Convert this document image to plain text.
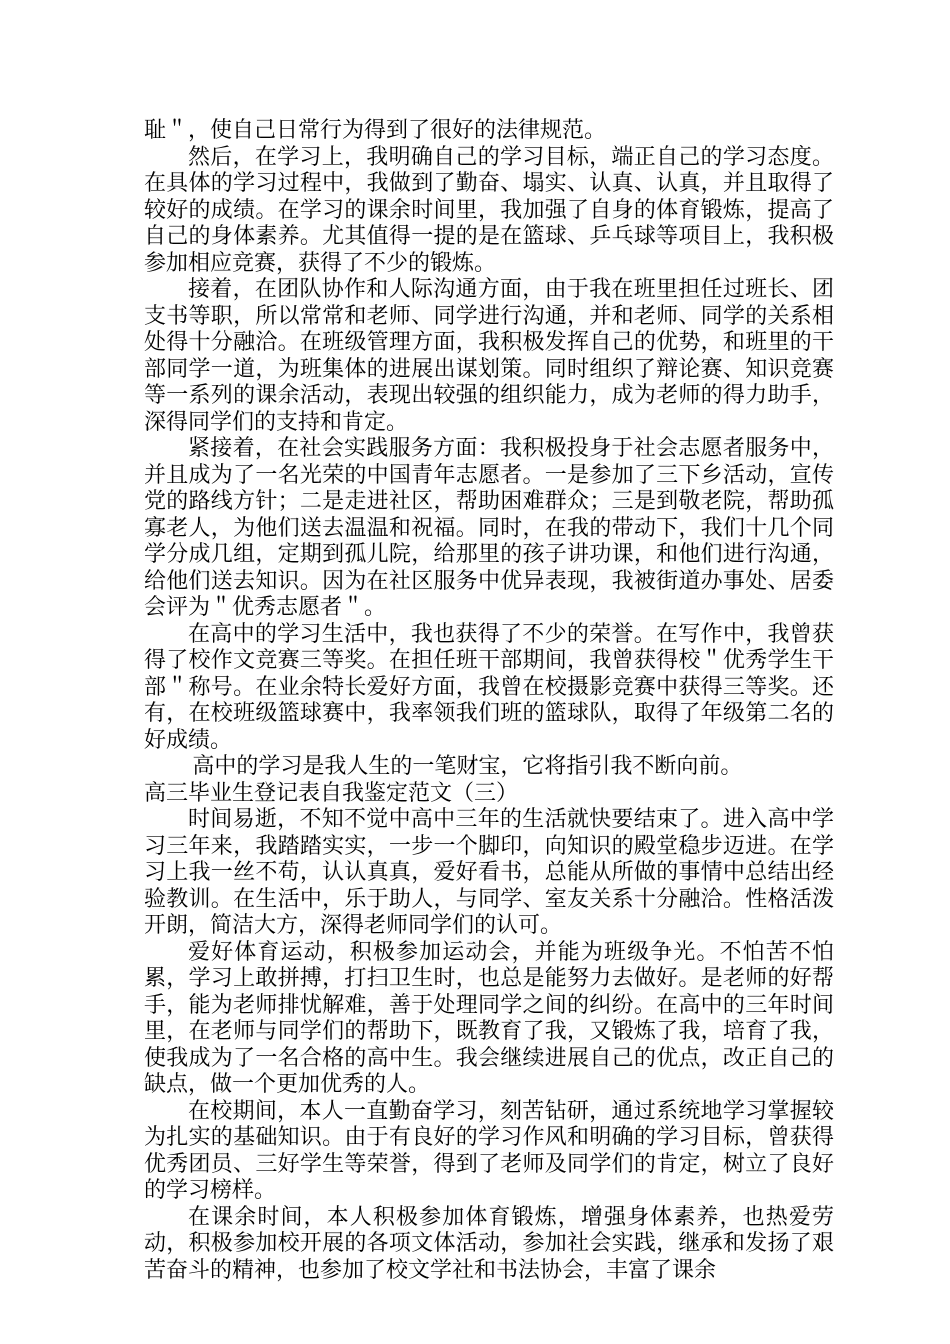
耻＂，使自己日常行为得到了很好的法律规范。

然后，在学习上，我明确自己的学习目标，端正自己的学习态度。在具体的学习过程中，我做到了勤奋、塌实、认真、认真，并且取得了较好的成绩。在学习的课余时间里，我加强了自身的体育锻炼，提高了自己的身体素养。尤其值得一提的是在篮球、乒乓球等项目上，我积极参加相应竞赛，获得了不少的锻炼。

接着，在团队协作和人际沟通方面，由于我在班里担任过班长、团支书等职，所以常常和老师、同学进行沟通，并和老师、同学的关系相处得十分融洽。在班级管理方面，我积极发挥自己的优势，和班里的干部同学一道，为班集体的进展出谋划策。同时组织了辩论赛、知识竞赛等一系列的课余活动，表现出较强的组织能力，成为老师的得力助手，深得同学们的支持和肯定。

紧接着，在社会实践服务方面：我积极投身于社会志愿者服务中，并且成为了一名光荣的中国青年志愿者。一是参加了三下乡活动，宣传党的路线方针；二是走进社区，帮助困难群众；三是到敬老院，帮助孤寡老人，为他们送去温温和祝福。同时，在我的带动下，我们十几个同学分成几组，定期到孤儿院，给那里的孩子讲功课，和他们进行沟通，给他们送去知识。因为在社区服务中优异表现，我被街道办事处、居委会评为＂优秀志愿者＂。

在高中的学习生活中，我也获得了不少的荣誉。在写作中，我曾获得了校作文竞赛三等奖。在担任班干部期间，我曾获得校＂优秀学生干部＂称号。在业余特长爱好方面，我曾在校摄影竞赛中获得三等奖。还有，在校班级篮球赛中，我率领我们班的篮球队，取得了年级第二名的好成绩。

高中的学习是我人生的一笔财宝，它将指引我不断向前。

高三毕业生登记表自我鉴定范文（三）

时间易逝，不知不觉中高中三年的生活就快要结束了。进入高中学习三年来，我踏踏实实，一步一个脚印，向知识的殿堂稳步迈进。在学习上我一丝不苟，认认真真，爱好看书，总能从所做的事情中总结出经验教训。在生活中，乐于助人，与同学、室友关系十分融洽。性格活泼开朗，简洁大方，深得老师同学们的认可。

爱好体育运动，积极参加运动会，并能为班级争光。不怕苦不怕累，学习上敢拼搏，打扫卫生时，也总是能努力去做好。是老师的好帮手，能为老师排忧解难，善于处理同学之间的纠纷。在高中的三年时间里，在老师与同学们的帮助下，既教育了我，又锻炼了我，培育了我，使我成为了一名合格的高中生。我会继续进展自己的优点，改正自己的缺点，做一个更加优秀的人。

在校期间，本人一直勤奋学习，刻苦钻研，通过系统地学习掌握较为扎实的基础知识。由于有良好的学习作风和明确的学习目标，曾获得优秀团员、三好学生等荣誉，得到了老师及同学们的肯定，树立了良好的学习榜样。

在课余时间，本人积极参加体育锻炼，增强身体素养，也热爱劳动，积极参加校开展的各项文体活动，参加社会实践，继承和发扬了艰苦奋斗的精神，也参加了校文学社和书法协会，丰富了课余
